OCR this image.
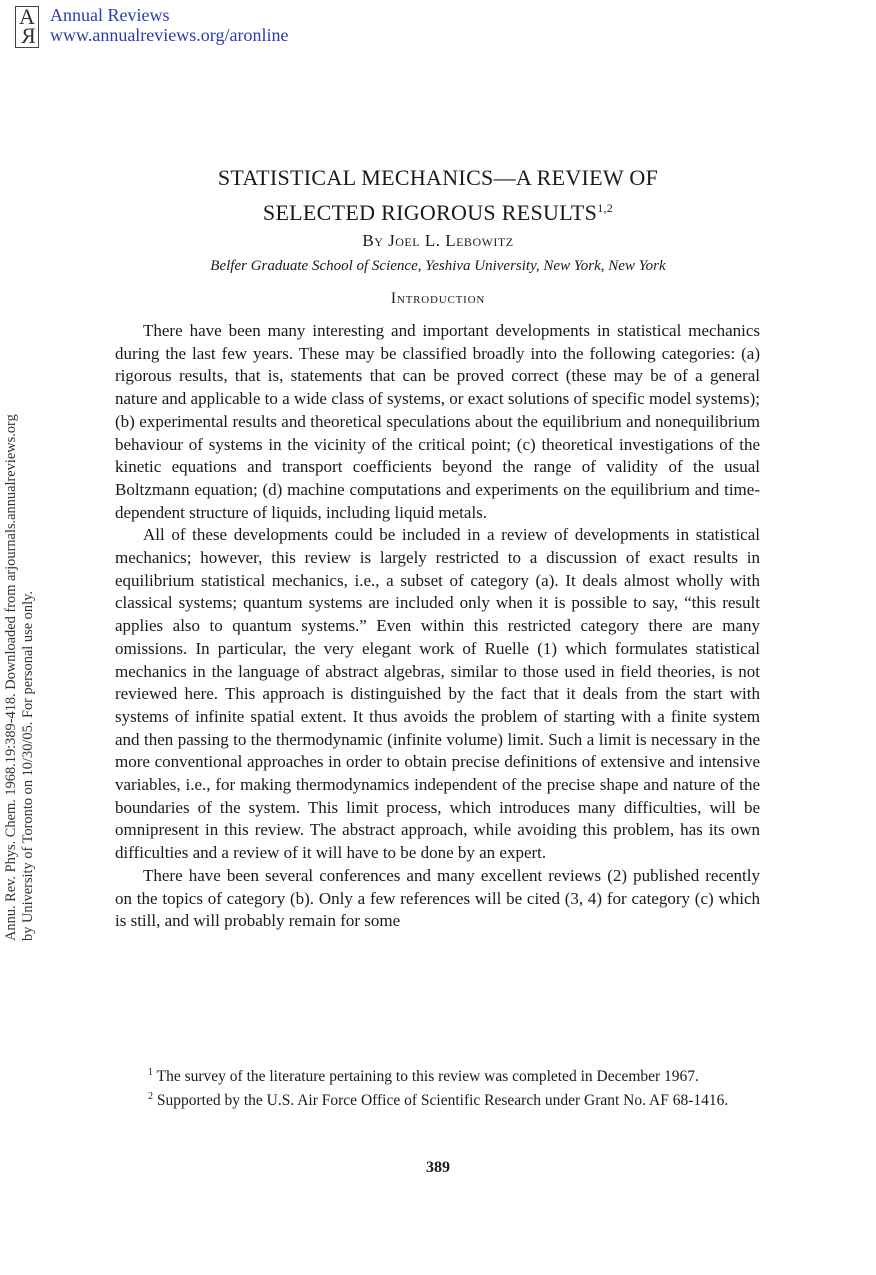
A
R
Annual Reviews
www.annualreviews.org/aronline
Annu. Rev. Phys. Chem. 1968.19:389-418. Downloaded from arjournals.annualreviews.org by University of Toronto on 10/30/05. For personal use only.
STATISTICAL MECHANICS—A REVIEW OF
SELECTED RIGOROUS RESULTS$^{1,2}$
By Joel L. Lebowitz
Belfer Graduate School of Science, Yeshiva University, New York, New York
Introduction

There have been many interesting and important developments in statistical mechanics during the last few years. These may be classified broadly into the following categories: (a) rigorous results, that is, statements that can be proved correct (these may be of a general nature and applicable to a wide class of systems, or exact solutions of specific model systems); (b) experimental results and theoretical speculations about the equilibrium and nonequilibrium behaviour of systems in the vicinity of the critical point; (c) theoretical investigations of the kinetic equations and transport coefficients beyond the range of validity of the usual Boltzmann equation; (d) machine computations and experiments on the equilibrium and time-dependent structure of liquids, including liquid metals.

All of these developments could be included in a review of developments in statistical mechanics; however, this review is largely restricted to a discussion of exact results in equilibrium statistical mechanics, i.e., a subset of category (a). It deals almost wholly with classical systems; quantum systems are included only when it is possible to say, “this result applies also to quantum systems.” Even within this restricted category there are many omissions. In particular, the very elegant work of Ruelle (1) which formulates statistical mechanics in the language of abstract algebras, similar to those used in field theories, is not reviewed here. This approach is distinguished by the fact that it deals from the start with systems of infinite spatial extent. It thus avoids the problem of starting with a finite system and then passing to the thermodynamic (infinite volume) limit. Such a limit is necessary in the more conventional approaches in order to obtain precise definitions of extensive and intensive variables, i.e., for making thermodynamics independent of the precise shape and nature of the boundaries of the system. This limit process, which introduces many difficulties, will be omnipresent in this review. The abstract approach, while avoiding this problem, has its own difficulties and a review of it will have to be done by an expert.

There have been several conferences and many excellent reviews (2) published recently on the topics of category (b). Only a few references will be cited (3, 4) for category (c) which is still, and will probably remain for some

$^1$ The survey of the literature pertaining to this review was completed in December 1967.

$^2$ Supported by the U.S. Air Force Office of Scientific Research under Grant No. AF 68-1416.

389
